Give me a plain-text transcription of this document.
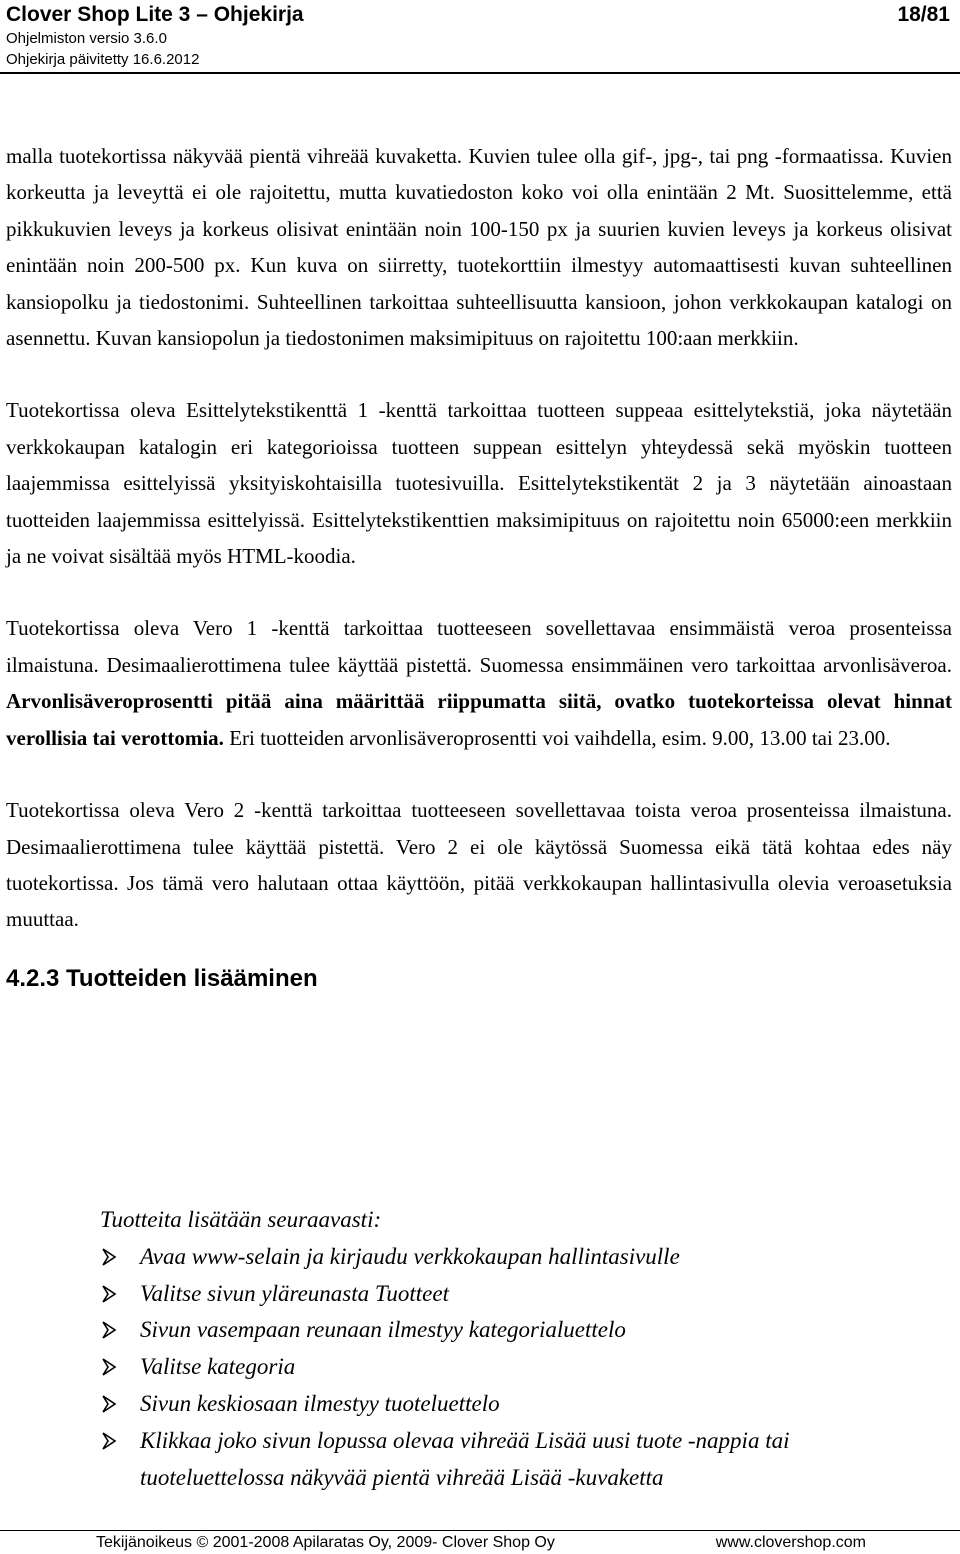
Clover Shop Lite 3 – Ohjekirja	18/81
Ohjelmiston versio 3.6.0
Ohjekirja päivitetty 16.6.2012

malla tuotekortissa näkyvää pientä vihreää kuvaketta. Kuvien tulee olla gif-, jpg-, tai png -formaatissa. Kuvien korkeutta ja leveyttä ei ole rajoitettu, mutta kuvatiedoston koko voi olla enintään 2 Mt. Suosittelemme, että pikkukuvien leveys ja korkeus olisivat enintään noin 100-150 px ja suurien kuvien leveys ja korkeus olisivat enintään noin 200-500 px. Kun kuva on siirretty, tuotekorttiin ilmestyy automaattisesti kuvan suhteellinen kansiopolku ja tiedostonimi. Suhteellinen tarkoittaa suhteellisuutta kansioon, johon verkkokaupan katalogi on asennettu. Kuvan kansiopolun ja tiedostonimen maksimipituus on rajoitettu 100:aan merkkiin.

Tuotekortissa oleva Esittelytekstikenttä 1 -kenttä tarkoittaa tuotteen suppeaa esittelytekstiä, joka näytetään verkkokaupan katalogin eri kategorioissa tuotteen suppean esittelyn yhteydessä sekä myöskin tuotteen laajemmissa esittelyissä yksityiskohtaisilla tuotesivuilla. Esittelytekstikentät 2 ja 3 näytetään ainoastaan tuotteiden laajemmissa esittelyissä. Esittelytekstikenttien maksimipituus on rajoitettu noin 65000:een merkkiin ja ne voivat sisältää myös HTML-koodia.

Tuotekortissa oleva Vero 1 -kenttä tarkoittaa tuotteeseen sovellettavaa ensimmäistä veroa prosenteissa ilmaistuna. Desimaalierottimena tulee käyttää pistettä. Suomessa ensimmäinen vero tarkoittaa arvonlisäveroa. Arvonlisäveroprosentti pitää aina määrittää riippumatta siitä, ovatko tuotekorteissa olevat hinnat verollisia tai verottomia. Eri tuotteiden arvonlisäveroprosentti voi vaihdella, esim. 9.00, 13.00 tai 23.00.

Tuotekortissa oleva Vero 2 -kenttä tarkoittaa tuotteeseen sovellettavaa toista veroa prosenteissa ilmaistuna. Desimaalierottimena tulee käyttää pistettä. Vero 2 ei ole käytössä Suomessa eikä tätä kohtaa edes näy tuotekortissa. Jos tämä vero halutaan ottaa käyttöön, pitää verkkokaupan hallintasivulla olevia veroasetuksia muuttaa.

4.2.3 Tuotteiden lisääminen
Tuotteita lisätään seuraavasti:
Avaa www-selain ja kirjaudu verkkokaupan hallintasivulle
Valitse sivun yläreunasta Tuotteet
Sivun vasempaan reunaan ilmestyy kategorialuettelo
Valitse kategoria
Sivun keskiosaan ilmestyy tuoteluettelo
Klikkaa joko sivun lopussa olevaa vihreää Lisää uusi tuote -nappia tai tuoteluettelossa näkyvää pientä vihreää Lisää -kuvaketta
Tekijänoikeus © 2001-2008 Apilaratas Oy, 2009- Clover Shop Oy	www.clovershop.com
